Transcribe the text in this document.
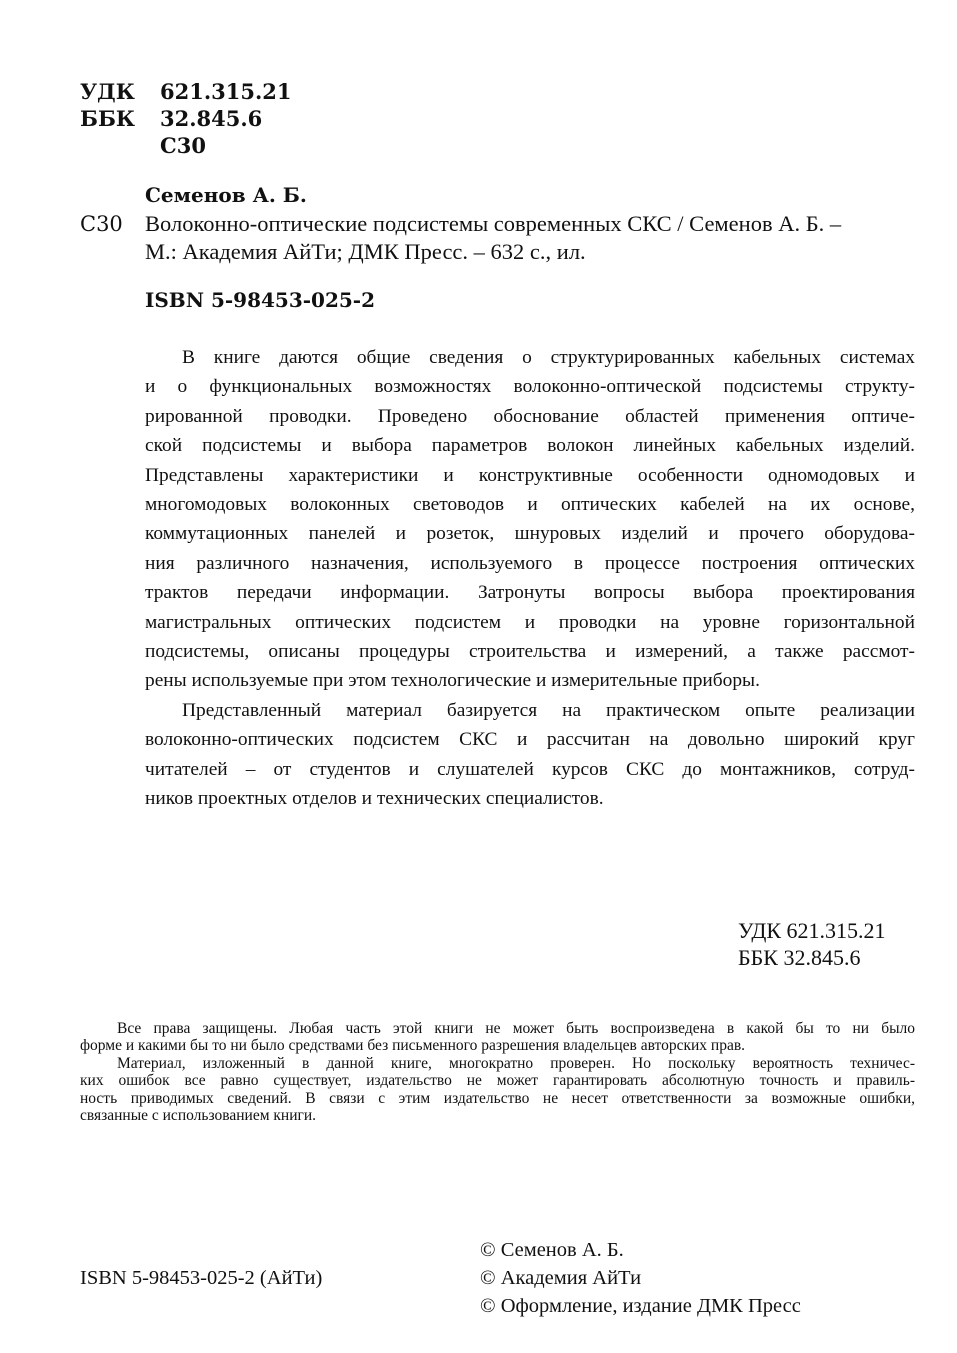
УДК 621.315.21
ББК 32.845.6
С30
Семенов А. Б.
С30 Волоконно-оптические подсистемы современных СКС / Семенов А. Б. –
М.: Академия АйТи; ДМК Пресс. – 632 с., ил.
ISBN 5-98453-025-2
В книге даются общие сведения о структурированных кабельных системах
и о функциональных возможностях волоконно-оптической подсистемы структу-
рированной проводки. Проведено обоснование областей применения оптиче-
ской подсистемы и выбора параметров волокон линейных кабельных изделий.
Представлены характеристики и конструктивные особенности одномодовых и
многомодовых волоконных световодов и оптических кабелей на их основе,
коммутационных панелей и розеток, шнуровых изделий и прочего оборудова-
ния различного назначения, используемого в процессе построения оптических
трактов передачи информации. Затронуты вопросы выбора проектирования
магистральных оптических подсистем и проводки на уровне горизонтальной
подсистемы, описаны процедуры строительства и измерений, а также рассмот-
рены используемые при этом технологические и измерительные приборы.
Представленный материал базируется на практическом опыте реализации
волоконно-оптических подсистем СКС и рассчитан на довольно широкий круг
читателей – от студентов и слушателей курсов СКС до монтажников, сотруд-
ников проектных отделов и технических специалистов.
УДК 621.315.21
ББК 32.845.6
Все права защищены. Любая часть этой книги не может быть воспроизведена в какой бы то ни было
форме и какими бы то ни было средствами без письменного разрешения владельцев авторских прав.
Материал, изложенный в данной книге, многократно проверен. Но поскольку вероятность техничес-
ких ошибок все равно существует, издательство не может гарантировать абсолютную точность и правиль-
ность приводимых сведений. В связи с этим издательство не несет ответственности за возможные ошибки,
связанные с использованием книги.
ISBN 5-98453-025-2 (АйТи)
© Семенов А. Б.
© Академия АйТи
© Оформление, издание ДМК Пресс
